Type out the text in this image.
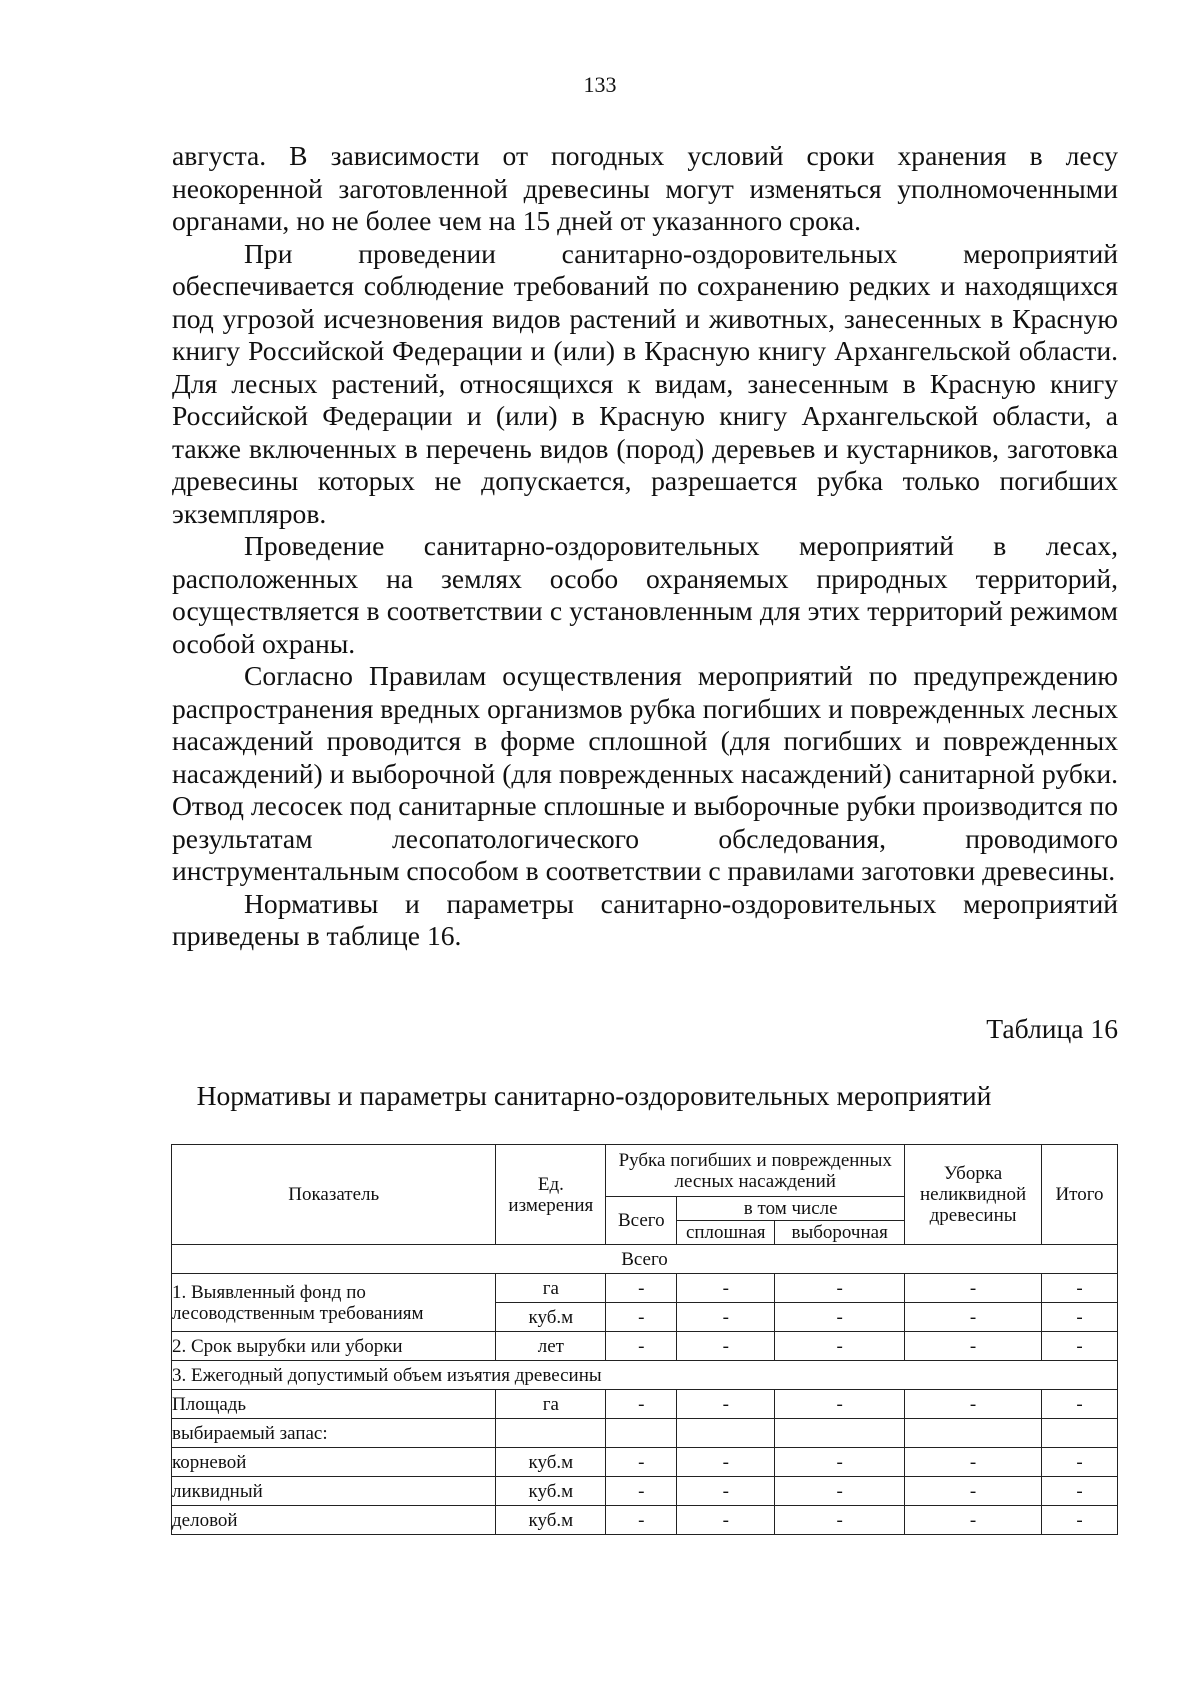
133

августа. В зависимости от погодных условий сроки хранения в лесу неокоренной заготовленной древесины могут изменяться уполномоченными органами, но не более чем на 15 дней от указанного срока.

При проведении санитарно-оздоровительных мероприятий обеспечивается соблюдение требований по сохранению редких и находящихся под угрозой исчезновения видов растений и животных, занесенных в Красную книгу Российской Федерации и (или) в Красную книгу Архангельской области. Для лесных растений, относящихся к видам, занесенным в Красную книгу Российской Федерации и (или) в Красную книгу Архангельской области, а также включенных в перечень видов (пород) деревьев и кустарников, заготовка древесины которых не допускается, разрешается рубка только погибших экземпляров.

Проведение санитарно-оздоровительных мероприятий в лесах, расположенных на землях особо охраняемых природных территорий, осуществляется в соответствии с установленным для этих территорий режимом особой охраны.

Согласно Правилам осуществления мероприятий по предупреждению распространения вредных организмов рубка погибших и поврежденных лесных насаждений проводится в форме сплошной (для погибших и поврежденных насаждений) и выборочной (для поврежденных насаждений) санитарной рубки. Отвод лесосек под санитарные сплошные и выборочные рубки производится по результатам лесопатологического обследования, проводимого инструментальным способом в соответствии с правилами заготовки древесины.

Нормативы и параметры санитарно-оздоровительных мероприятий приведены в таблице 16.

Таблица 16
Нормативы и параметры санитарно-оздоровительных мероприятий
Показатель	Ед. измерения	Рубка погибших и поврежденных лесных насаждений			Уборка неликвидной древесины	Итого
		Всего	в том числе			
			сплошная	выборочная		
Всего						
1. Выявленный фонд по лесоводственным требованиям	га	-	-	-	-	-
	куб.м	-	-	-	-	-
2. Срок вырубки или уборки	лет	-	-	-	-	-
3. Ежегодный допустимый объем изъятия древесины						
Площадь	га	-	-	-	-	-
выбираемый запас:						
корневой	куб.м	-	-	-	-	-
ликвидный	куб.м	-	-	-	-	-
деловой	куб.м	-	-	-	-	-
